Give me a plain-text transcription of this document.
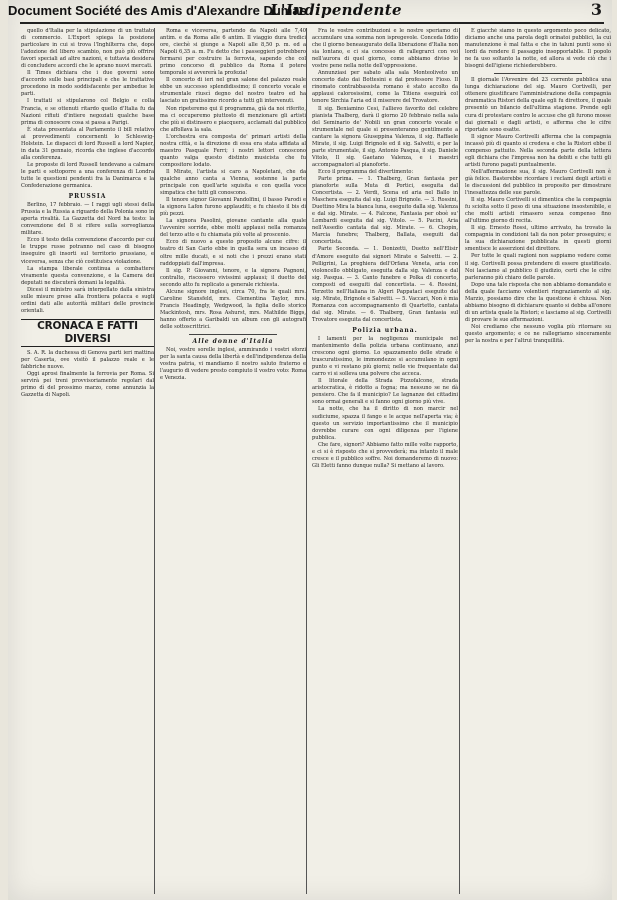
L'Indipendente	3

quello d'Italia per la stipulazione di un trattato di commercio. L'Export spiega la posizione particolare in cui si trova l'Inghilterra che, dopo l'adozione del libero scambio, non può più offrire favori speciali ad altre nazioni, e tuttavia desidera di concludere accordi che le aprano nuovi mercati.

Il Times dichiara che i due governi sono d'accordo sulle basi principali e che le trattative procedono in modo soddisfacente per ambedue le parti.

I trattati si stipularono col Belgio e colla Francia, e se ottenuti ritardo quello d'Italia fu da Nazioni rifiuti d'intiere negoziati qualche base prima di conoscere cosa si passa a Parigi.

È stata presentata al Parlamento il bill relativo ai provvedimenti concernenti lo Schleswig-Holstein. Le dispacci di lord Russell a lord Napier, in data 31 gennaio, ricorda che inglese d'accordo alla conferenza.

Le proposte di lord Russell tendevano a calmare le parti e sottoporre a una conferenza di Londra tutte le questioni pendenti fra la Danimarca e la Confederazione germanica.

PRUSSIA

Berlino, 17 febbraio. — I raggi ugli stessi della Prussia e la Russia a riguardo della Polonia sono in aperta rivalità. La Gazzetta del Nord ha testo: la convenzione del 8 si rifere sulla sorveglianza militare.

Ecco il testo della convenzione d'accordo per cui le truppe russe potranno nel caso di bisogno inseguire gli insorti sul territorio prussiano, e viceversa, senza che ciò costituisca violazione.

La stampa liberale continua a combattere vivamente questa convenzione, e la Camera dei deputati ne discuterà domani la legalità.

Dicesi il ministro sarà interpellato dalla sinistra sulle misure prese alla frontiera polacca e sugli ordini dati alle autorità militari delle provincie orientali.

CRONACA E FATTI DIVERSI

S. A. R. la duchessa di Genova parti ieri mattina per Caserta, ove visitò il palazzo reale e le fabbriche nuove.

Oggi aprosi finalmente la ferrovia per Roma. Si servirà pei treni provvisoriamente regolari dal primo dì del prossimo marzo, come annunzia la Gazzetta di Napoli.

Roma e viceversa, partendo da Napoli alle 7,40 antim. e da Roma alle 6 antim. Il viaggio dura tredici ore, ciechè si giunge a Napoli alle 8,50 p. m. ed a Napoli 6,35 a. m. Fu detto che i passeggieri potrebbero fermarsi per costruire la ferrovia, sapendo che col primo concorso di pubblico da Roma il potere temporale si avvererà la profezia!

Il concerto di ieri nel gran salone del palazzo reale ebbe un successo splendidissimo; il concerto vocale e strumentale riuscì degno del nostro teatro ed ha lasciato un gratissimo ricordo a tutti gli intervenuti.

Non ripeteremo qui il programma, già da noi riferito, ma ci occuperemo piuttosto di menzionare gli artisti che più si distinsero e piacquero, acclamati dal pubblico che affollava la sala.

L'orchestra era composta de' primari artisti della nostra città, e la direzione di essa era stata affidata al maestro Pasquale Ferri; i nostri lettori conoscono quanto valga questo distinto musicista che fu compositore lodato.

Il Mirate, l'artista si caro a Napoletani, che da qualche anno canta a Vienna, sostenne la parte principale con quell'arte squisita e con quella voce simpatica che tutti gli conoscono.

Il tenore signor Giovanni Pandolfini, il basso Parodi e la signora Lafon furono applauditi; e fu chiesto il bis di più pezzi.

La signora Pasolini, giovane cantante alla quale l'avvenire sorride, ebbe molti applausi nella romanza del terzo atto e fu chiamata più volte al proscenio.

Ecco di nuovo a questo proposito alcune cifre: il teatro di San Carlo ebbe in quella sera un incasso di oltre mille ducati, e si noti che i prezzi erano stati raddoppiati dall'impresa.

Il sig. P. Giovanni, tenore, e la signora Pagnoni, contralto, riscossero vivissimi applausi; il duetto del secondo atto fu replicato a generale richiesta.

Alcune signore inglesi, circa 70, fra le quali mrs. Caroline Stansfeld, mrs. Clementina Taylor, mrs. Francis Headingly, Wedgwood, la figlia dello storico Mackintosh, mrs. Rosa Ashurst, mrs. Mathilde Biggs, hanno offerto a Garibaldi un album con gli autografi delle sottoscrittrici.

Alle donne d'Italia

Noi, vostre sorelle inglesi, ammirando i vostri sforzi per la santa causa della libertà e dell'indipendenza della vostra patria, vi mandiamo il nostro saluto fraterno e l'augurio di vedere presto compiuto il vostro voto: Roma e Venezia.

Fra le vostre contribuzioni e le nostre speriamo di accumulare una somma non ispregevole. Conceda Iddio che il giorno beneaugurato della liberazione d'Italia non sia lontano, e ci sia concesso di rallegrarci con voi nell'aurora di quel giorno, come abbiamo diviso le vostre pene nella notte dell'oppressione.

Annunziasi per sabato alla sala Monteoliveto un concerto dato dai Bottesini e dal professore Fioso. Il rinomato contrabbassista romano è stato accolto da applausi calorosissimi, come la Titiens eseguirà col tenore Sirchia l'aria ed il miserere del Trovatore.

Il sig. Beniamino Cesi, l'allievo favorito del celebre pianista Thalberg, darà il giorno 20 febbraio nella sala del Seminario de' Nobili un gran concerto vocale e strumentale nel quale si presenteranno gentilmente a cantare la signora Giuseppina Valenza, il sig. Raffaele Mirate, il sig. Luigi Brignole ed il sig. Salvetti, e per la parte strumentale, il sig. Antonio Pasqua, il sig. Daniele Vitolo, Il sig. Gaetano Valenza, e i maestri accompagnatori al pianoforte.

Ecco il programma del divertimento:

Parte prima. — 1. Thalberg, Gran fantasia per pianoforte sulla Muta di Portici, eseguita dal Concertista. — 2. Verdi, Scena ed aria nel Ballo in Maschera eseguita dal sig. Luigi Brignole. — 3. Rossini, Duettino Mira la bianca luna, eseguito dalla sig. Valenza e dal sig. Mirate. — 4. Falcone, Fantasia per oboè su' Lombardi eseguita dal sig. Vitolo. — 5. Pacini, Aria nell'Assedio cantata dal sig. Mirate. — 6. Chopin, Marcia funebre; Thalberg, Ballata, eseguiti dal concertista.

Parte Seconda. — 1. Donizetti, Duetto nell'Elisir d'Amore eseguito dai signori Mirate e Salvetti. — 2. Pelligrini, La preghiera dell'Orfana Veneta, aria con violoncello obbligato, eseguita dalla sig. Valenza e dal sig. Pasqua. — 3. Canto funebre e Polka di concerto, composti ed eseguiti dal concertista. — 4. Rossini, Terzetto nell'Italiana in Algeri Pappataci eseguito dai sig. Mirate, Brignole e Salvetti. — 5. Vaccari, Non è mia Romanza con accompagnamento di Quartetto, cantata dal sig. Mirate. — 6. Thalberg, Gran fantasia sul Trovatore eseguita dal concertista.

Polizia urbana.

I lamenti per la negligenza municipale nel mantenimento della polizia urbana continuano, anzi crescono ogni giorno. Lo spazzamento delle strade è trascuratissimo, le immondezze si accumulano in ogni punto e vi restano più giorni; nelle vie frequentate dal carro vi si solleva una polvere che acceca.

Il litorale della Strada Pizzofalcone, strada aristocratica, è ridotto a fogna; ma nessuno se ne dà pensiero. Che fa il municipio? Le lagnanze dei cittadini sono ormai generali e si fanno ogni giorno più vive.

La notte, che ha il diritto di non marcir nel sudiciume, spazza il fango e le acque nell'aperta via; è questo un servizio importantissimo che il municipio dovrebbe curare con ogni diligenza per l'igiene pubblica.

Che fare, signori? Abbiamo fatto mille volte rapporto, e ci si è risposto che si provvederà; ma intanto il male cresce e il pubblico soffre. Noi domanderemo di nuovo: Gli Eletti fanno dunque nulla? Si mettano al lavoro.

E giacchè siamo in questo argomento poco delicato, diciamo anche una parola degli orinatoi pubblici, la cui manutenzione è mal fatta e che in taluni punti sono sì lordi da rendere il passaggio insopportabile. Il popolo ne fa uso soltanto la notte, ed allora si vede ciò che i bisogni dell'igiene richiederebbero.

Il giornale l'Avvenire del 23 corrente pubblica una lunga dichiarazione del sig. Mauro Cortivelli, per ottenere giustificare l'amministrazione della compagnia drammatica Ristori della quale egli fu direttore, il quale presentò un bilancio dell'ultima stagione. Prende egli cura di protestare contro le accuse che gli furono mosse dai giornali e dagli artisti, e afferma che le cifre riportate sono esatte.

Il signor Mauro Cortivelli afferma che la compagnia incassò più di quanto si credeva e che la Ristori ebbe il compenso pattuito. Nella seconda parte della lettera egli dichiara che l'impresa non ha debiti e che tutti gli artisti furono pagati puntualmente.

Nell'affermazione sua, il sig. Mauro Cortivelli non è già felice. Basterebbe ricordare i reclami degli artisti e le discussioni del pubblico in proposito per dimostrare l'inesattezza delle sue parole.

Il sig. Mauro Cortivelli si dimentica che la compagnia fu sciolta sotto il peso di una situazione insostenibile, e che molti artisti rimasero senza compenso fino all'ultimo giorno di recita.

Il sig. Ernesto Rossi, ultimo arrivato, ha trovato la compagnia in condizioni tali da non poter proseguire; e la sua dichiarazione pubblicata in questi giorni smentisce le asserzioni del direttore.

Per tutte le quali ragioni non sappiamo vedere come il sig. Cortivelli possa pretendere di essere giustificato. Noi lasciamo al pubblico il giudizio, certi che le cifre parleranno più chiaro delle parole.

Dopo una tale risposta che non abbiamo domandato e della quale facciamo volentieri ringraziamento al sig. Marzio, possiamo dire che la questione è chiusa. Non abbiamo bisogno di dichiarare quanto si debba all'onore di un artista quale la Ristori; e lasciamo al sig. Cortivelli di provare le sue affermazioni.

Noi crediamo che nessuno voglia più ritornare su questo argomento; e ce ne rallegriamo sinceramente per la nostra e per l'altrui tranquillità.

Document Société des Amis d'Alexandre Dumas
